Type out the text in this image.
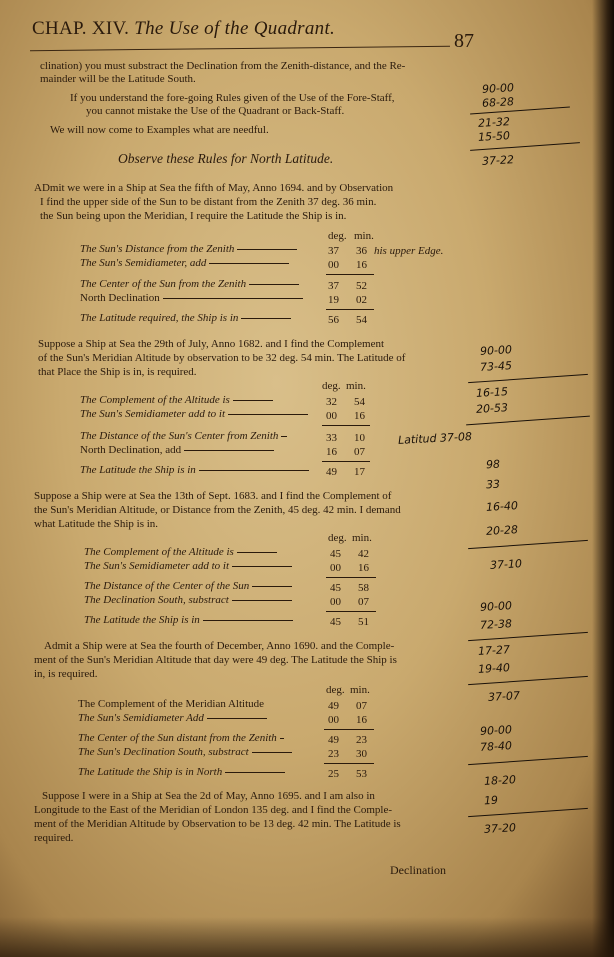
CHAP. XIV. The Use of the Quadrant.
87
clination) you must substract the Declination from the Zenith-distance, and the Re-
mainder will be the Latitude South.
If you understand the fore-going Rules given of the Use of the Fore-Staff,
you cannot mistake the Use of the Quadrant or Back-Staff.
We will now come to Examples what are needful.
Observe these Rules for North Latitude.
ADmit we were in a Ship at Sea the fifth of May, Anno 1694. and by Observation
I find the upper side of the Sun to be distant from the Zenith 37 deg. 36 min.
the Sun being upon the Meridian, I require the Latitude the Ship is in.
deg. min.
The Sun's Distance from the Zenith	37 36 his upper Edge.
The Sun's Semidiameter, add	00 16
The Center of the Sun from the Zenith	37 52
North Declination	19 02
The Latitude required, the Ship is in	56 54
Suppose a Ship at Sea the 29th of July, Anno 1682. and I find the Complement
of the Sun's Meridian Altitude by observation to be 32 deg. 54 min. The Latitude of
that Place the Ship is in, is required.
deg. min.
The Complement of the Altitude is	32 54
The Sun's Semidiameter add to it	00 16
The Distance of the Sun's Center from Zenith	33 10
North Declination, add	16 07
The Latitude the Ship is in	49 17
Suppose a Ship were at Sea the 13th of Sept. 1683. and I find the Complement of
the Sun's Meridian Altitude, or Distance from the Zenith, 45 deg. 42 min. I demand
what Latitude the Ship is in.
deg. min.
The Complement of the Altitude is	45 42
The Sun's Semidiameter add to it	00 16
The Distance of the Center of the Sun	45 58
The Declination South, substract	00 07
The Latitude the Ship is in	45 51
Admit a Ship were at Sea the fourth of December, Anno 1690. and the Comple-
ment of the Sun's Meridian Altitude that day were 49 deg. The Latitude the Ship is
in, is required.
deg. min.
The Complement of the Meridian Altitude	49 07
The Sun's Semidiameter Add	00 16
The Center of the Sun distant from the Zenith	49 23
The Sun's Declination South, substract	23 30
The Latitude the Ship is in North	25 53
Suppose I were in a Ship at Sea the 2d of May, Anno 1695. and I am also in
Longitude to the East of the Meridian of London 135 deg. and I find the Comple-
ment of the Meridian Altitude by Observation to be 13 deg. 42 min. The Latitude is
required.
Declination
90-00
68-28
21-32
15-50
37-22
90-00
73-45
16-15
20-53
Latitud 37-08
98
33
16-40
20-28
37-10
90-00
72-38
17-27
19-40
37-07
90-00
78-40
18-20
19
37-20
